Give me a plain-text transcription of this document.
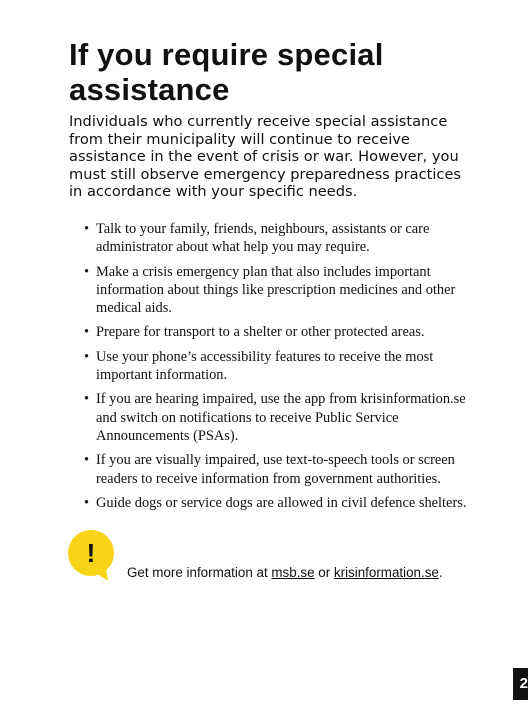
If you require special assistance

Individuals who currently receive special assistance from their municipality will continue to receive assistance in the event of crisis or war. However, you must still observe emergency preparedness practices in accordance with your specific needs.

• Talk to your family, friends, neighbours, assistants or care administrator about what help you may require.
• Make a crisis emergency plan that also includes important information about things like prescription medicines and other medical aids.
• Prepare for transport to a shelter or other protected areas.
• Use your phone’s accessibility features to receive the most important information.
• If you are hearing impaired, use the app from krisinformation.se and switch on notifications to receive Public Service Announcements (PSAs).
• If you are visually impaired, use text-to-speech tools or screen readers to receive information from government authorities.
• Guide dogs or service dogs are allowed in civil defence shelters.
!
Get more information at msb.se or krisinformation.se.
2
